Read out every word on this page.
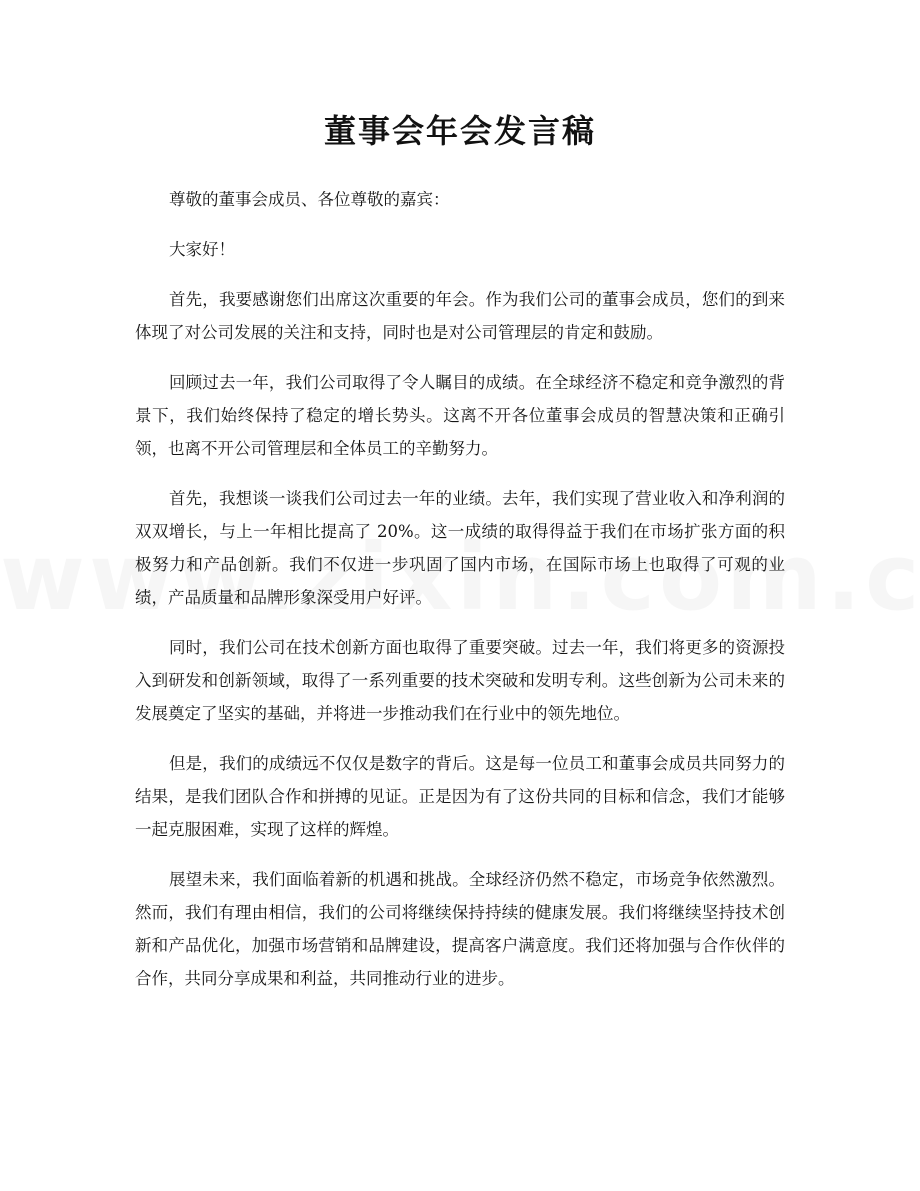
董事会年会发言稿

尊敬的董事会成员、各位尊敬的嘉宾：

大家好！

首先，我要感谢您们出席这次重要的年会。作为我们公司的董事会成员，您们的到来体现了对公司发展的关注和支持，同时也是对公司管理层的肯定和鼓励。

回顾过去一年，我们公司取得了令人瞩目的成绩。在全球经济不稳定和竞争激烈的背景下，我们始终保持了稳定的增长势头。这离不开各位董事会成员的智慧决策和正确引领，也离不开公司管理层和全体员工的辛勤努力。

首先，我想谈一谈我们公司过去一年的业绩。去年，我们实现了营业收入和净利润的双双增长，与上一年相比提高了 20%。这一成绩的取得得益于我们在市场扩张方面的积极努力和产品创新。我们不仅进一步巩固了国内市场，在国际市场上也取得了可观的业绩，产品质量和品牌形象深受用户好评。

同时，我们公司在技术创新方面也取得了重要突破。过去一年，我们将更多的资源投入到研发和创新领域，取得了一系列重要的技术突破和发明专利。这些创新为公司未来的发展奠定了坚实的基础，并将进一步推动我们在行业中的领先地位。

但是，我们的成绩远不仅仅是数字的背后。这是每一位员工和董事会成员共同努力的结果，是我们团队合作和拼搏的见证。正是因为有了这份共同的目标和信念，我们才能够一起克服困难，实现了这样的辉煌。

展望未来，我们面临着新的机遇和挑战。全球经济仍然不稳定，市场竞争依然激烈。然而，我们有理由相信，我们的公司将继续保持持续的健康发展。我们将继续坚持技术创新和产品优化，加强市场营销和品牌建设，提高客户满意度。我们还将加强与合作伙伴的合作，共同分享成果和利益，共同推动行业的进步。
